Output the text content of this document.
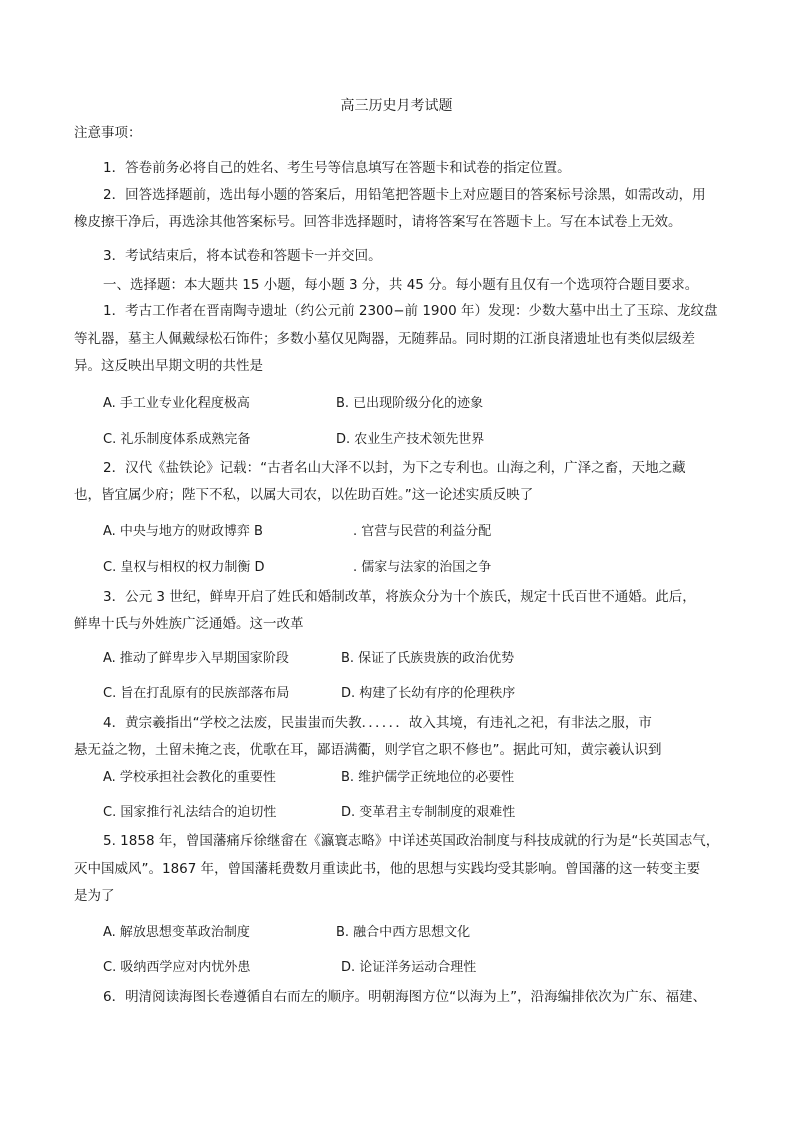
高三历史月考试题
注意事项：
1．答卷前务必将自己的姓名、考生号等信息填写在答题卡和试卷的指定位置。
2．回答选择题前，选出每小题的答案后，用铅笔把答题卡上对应题目的答案标号涂黑，如需改动，用
橡皮擦干净后，再选涂其他答案标号。回答非选择题时，请将答案写在答题卡上。写在本试卷上无效。
3．考试结束后，将本试卷和答题卡一并交回。
一、选择题：本大题共 15 小题，每小题 3 分，共 45 分。每小题有且仅有一个选项符合题目要求。
1．考古工作者在晋南陶寺遗址（约公元前 2300−前 1900 年）发现：少数大墓中出土了玉琮、龙纹盘
等礼器，墓主人佩戴绿松石饰件；多数小墓仅见陶器，无随葬品。同时期的江浙良渚遗址也有类似层级差
异。这反映出早期文明的共性是
A. 手工业专业化程度极高	B. 已出现阶级分化的迹象
C. 礼乐制度体系成熟完备	D. 农业生产技术领先世界
2．汉代《盐铁论》记载：“古者名山大泽不以封，为下之专利也。山海之利，广泽之畜，天地之藏
也，皆宜属少府；陛下不私，以属大司农，以佐助百姓。”这一论述实质反映了
A. 中央与地方的财政博弈 B	. 官营与民营的利益分配
C. 皇权与相权的权力制衡 D	. 儒家与法家的治国之争
3．公元 3 世纪，鲜卑开启了姓氏和婚制改革，将族众分为十个族氏，规定十氏百世不通婚。此后，
鲜卑十氏与外姓族广泛通婚。这一改革
A. 推动了鲜卑步入早期国家阶段	B. 保证了氏族贵族的政治优势
C. 旨在打乱原有的民族部落布局	D. 构建了长幼有序的伦理秩序
4．黄宗羲指出“学校之法废，民蚩蚩而失教．．．．．．故入其境，有违礼之祀，有非法之服，市
悬无益之物，土留未掩之丧，优歌在耳，鄙语满衢，则学官之职不修也”。据此可知，黄宗羲认识到
A. 学校承担社会教化的重要性	B. 维护儒学正统地位的必要性
C. 国家推行礼法结合的迫切性	D. 变革君主专制制度的艰难性
5. 1858 年，曾国藩痛斥徐继畲在《瀛寰志略》中详述英国政治制度与科技成就的行为是“长英国志气，
灭中国威风”。1867 年，曾国藩耗费数月重读此书，他的思想与实践均受其影响。曾国藩的这一转变主要
是为了
A. 解放思想变革政治制度	B. 融合中西方思想文化
C. 吸纳西学应对内忧外患	D. 论证洋务运动合理性
6．明清阅读海图长卷遵循自右而左的顺序。明朝海图方位“以海为上”，沿海编排依次为广东、福建、
